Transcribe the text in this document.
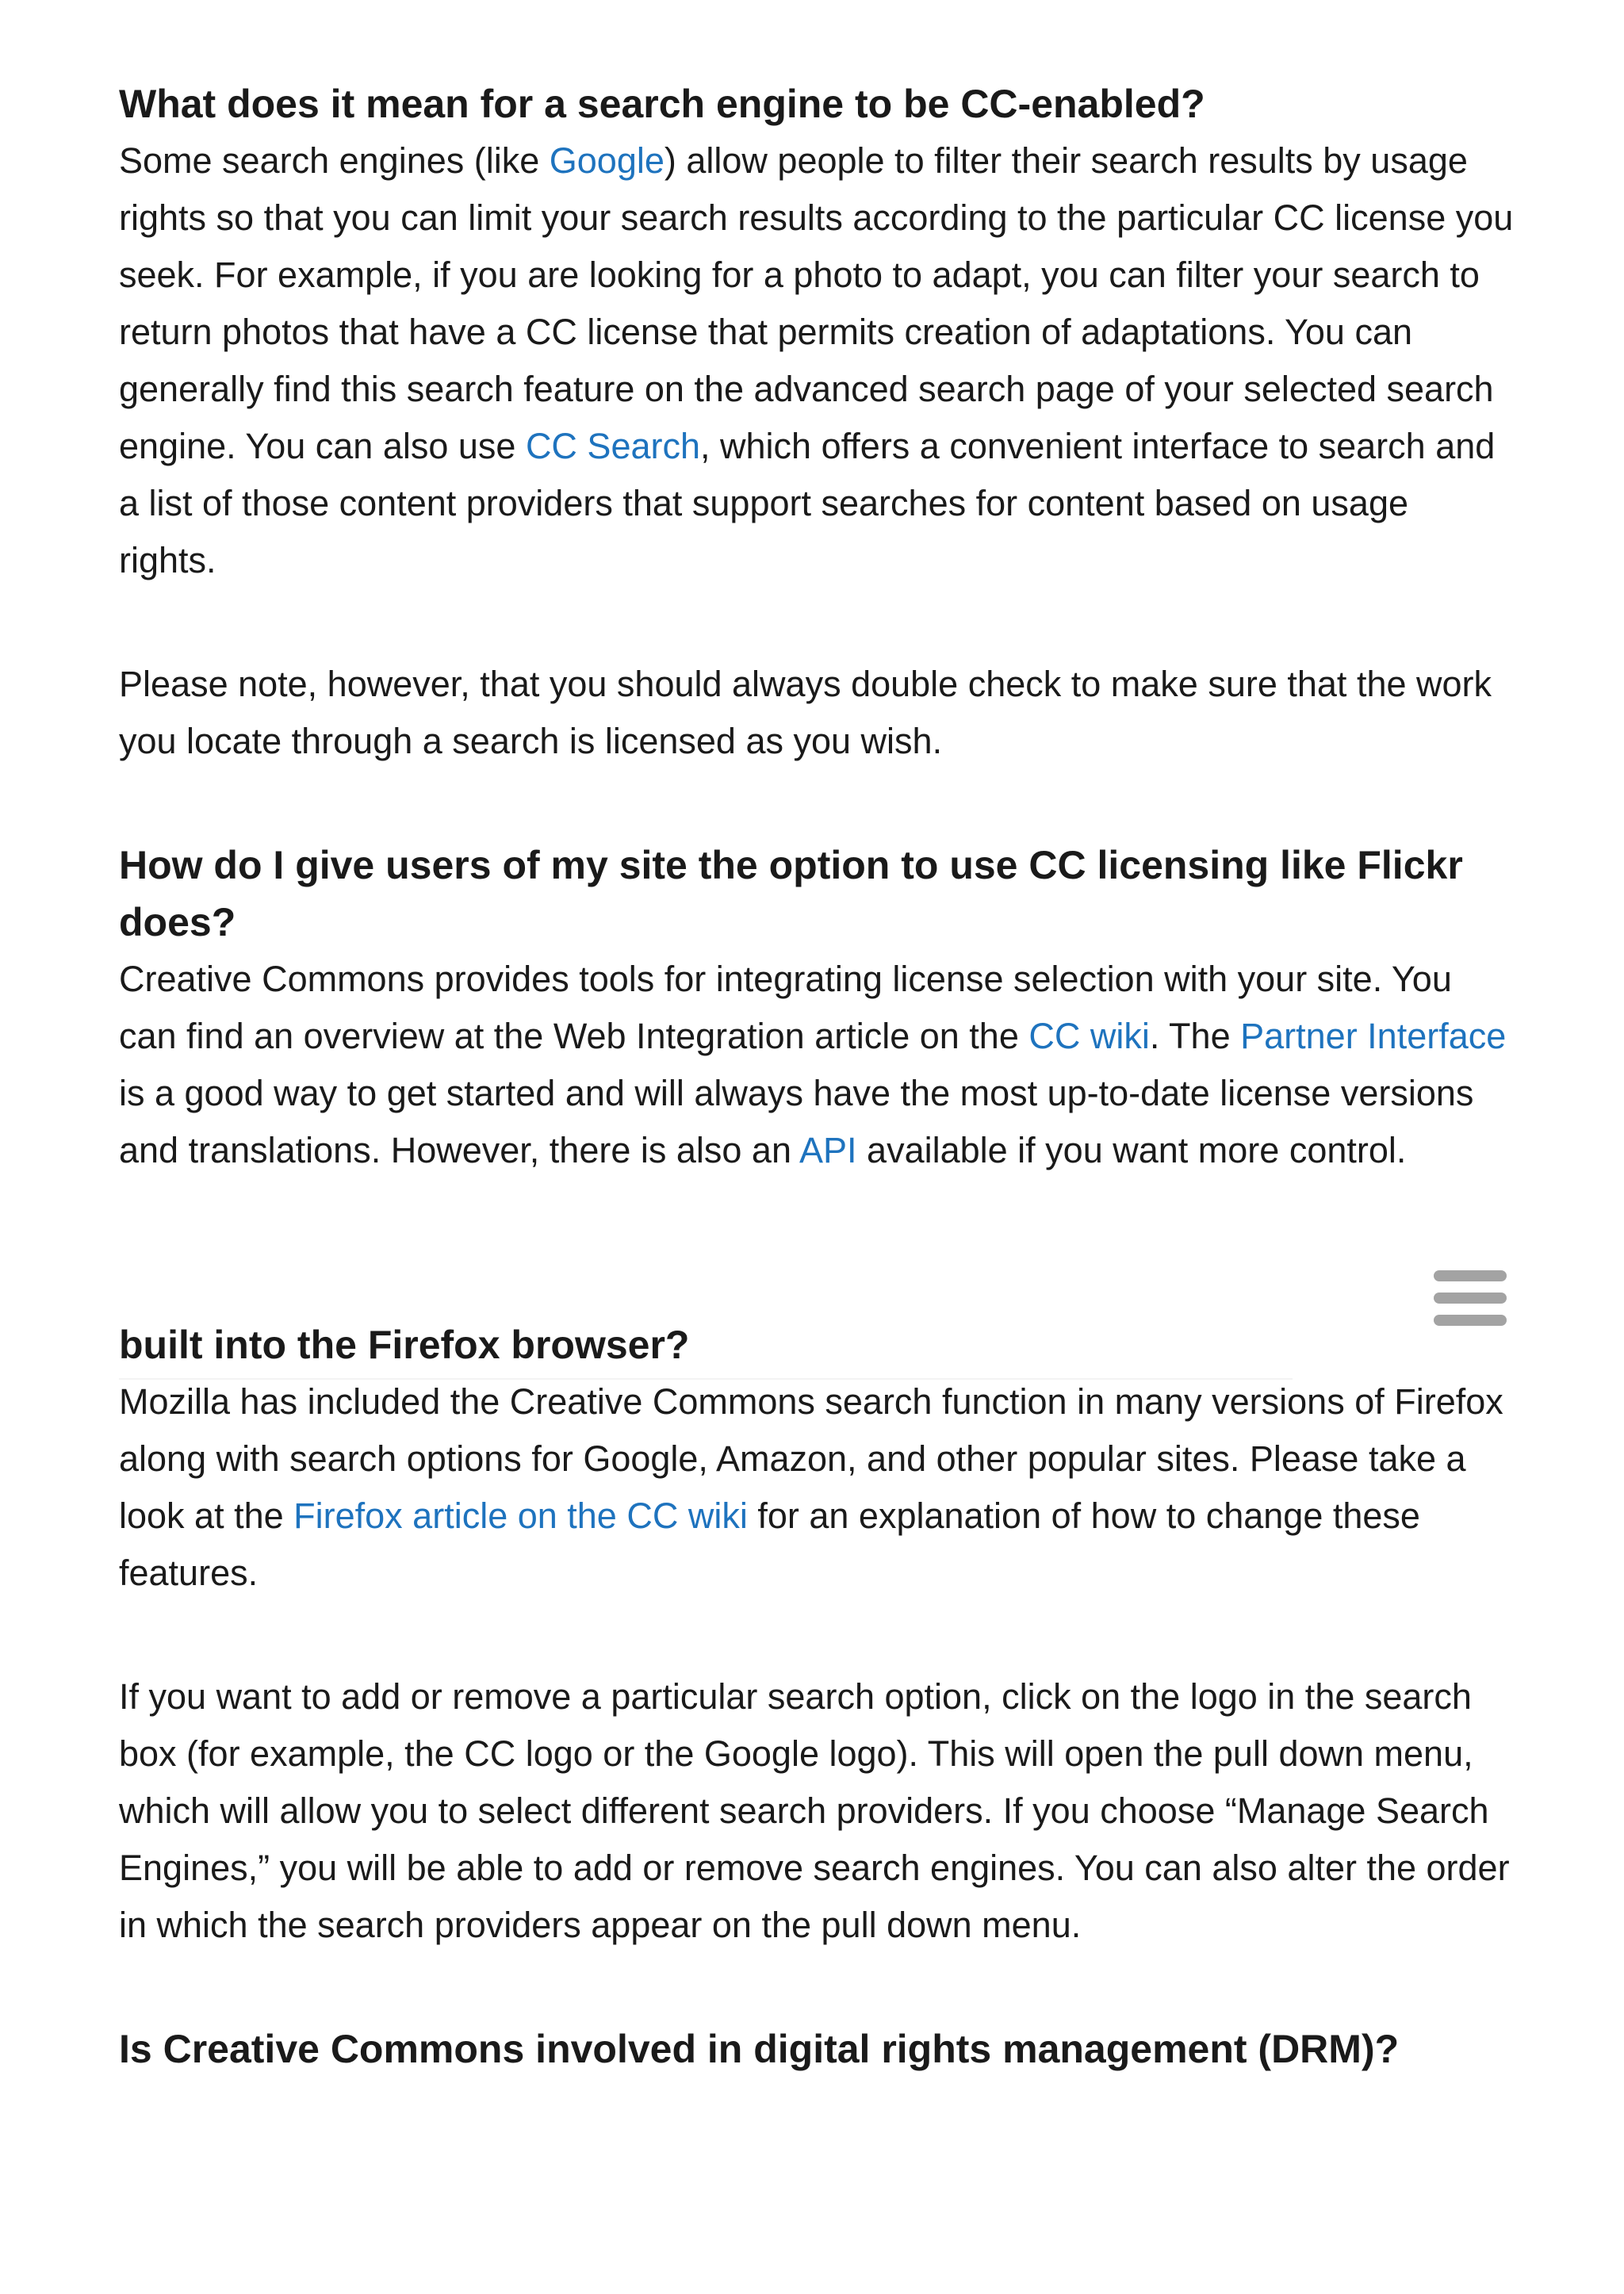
What does it mean for a search engine to be CC-enabled?

Some search engines (like Google) allow people to filter their search results by usage rights so that you can limit your search results according to the particular CC license you seek. For example, if you are looking for a photo to adapt, you can filter your search to return photos that have a CC license that permits creation of adaptations. You can generally find this search feature on the advanced search page of your selected search engine. You can also use CC Search, which offers a convenient interface to search and a list of those content providers that support searches for content based on usage rights.

Please note, however, that you should always double check to make sure that the work you locate through a search is licensed as you wish.

How do I give users of my site the option to use CC licensing like Flickr does?

Creative Commons provides tools for integrating license selection with your site. You can find an overview at the Web Integration article on the CC wiki. The Partner Interface is a good way to get started and will always have the most up-to-date license versions and translations. However, there is also an API available if you want more control.

built into the Firefox browser?

Mozilla has included the Creative Commons search function in many versions of Firefox along with search options for Google, Amazon, and other popular sites. Please take a look at the Firefox article on the CC wiki for an explanation of how to change these features.

If you want to add or remove a particular search option, click on the logo in the search box (for example, the CC logo or the Google logo). This will open the pull down menu, which will allow you to select different search providers. If you choose “Manage Search Engines,” you will be able to add or remove search engines. You can also alter the order in which the search providers appear on the pull down menu.

Is Creative Commons involved in digital rights management (DRM)?
